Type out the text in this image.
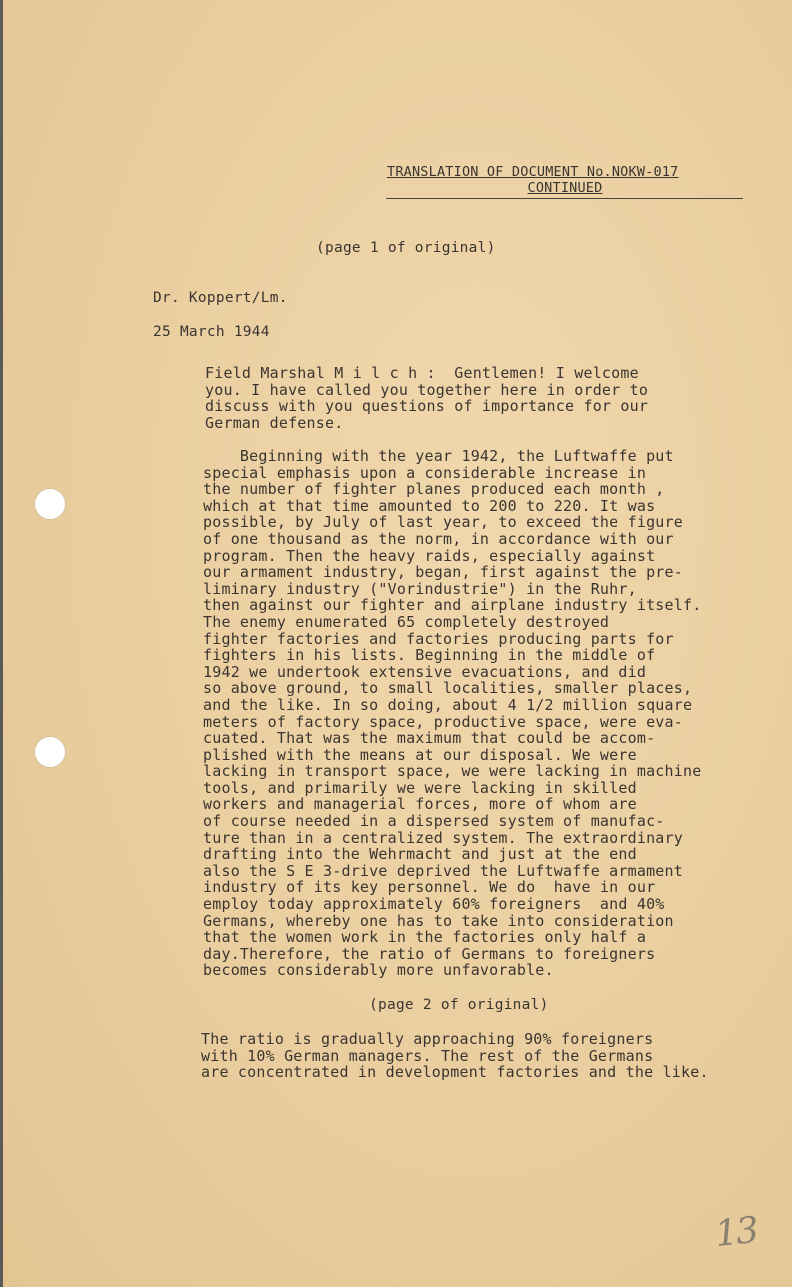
TRANSLATION OF DOCUMENT No.NOKW-017
CONTINUED
(page 1 of original)
Dr. Koppert/Lm.
25 March 1944
Field Marshal M i l c h :  Gentlemen! I welcome
you. I have called you together here in order to
discuss with you questions of importance for our
German defense.
Beginning with the year 1942, the Luftwaffe put
special emphasis upon a considerable increase in
the number of fighter planes produced each month ,
which at that time amounted to 200 to 220. It was
possible, by July of last year, to exceed the figure
of one thousand as the norm, in accordance with our
program. Then the heavy raids, especially against
our armament industry, began, first against the pre-
liminary industry ("Vorindustrie") in the Ruhr,
then against our fighter and airplane industry itself.
The enemy enumerated 65 completely destroyed
fighter factories and factories producing parts for
fighters in his lists. Beginning in the middle of
1942 we undertook extensive evacuations, and did
so above ground, to small localities, smaller places,
and the like. In so doing, about 4 1/2 million square
meters of factory space, productive space, were eva-
cuated. That was the maximum that could be accom-
plished with the means at our disposal. We were
lacking in transport space, we were lacking in machine
tools, and primarily we were lacking in skilled
workers and managerial forces, more of whom are
of course needed in a dispersed system of manufac-
ture than in a centralized system. The extraordinary
drafting into the Wehrmacht and just at the end
also the S E 3-drive deprived the Luftwaffe armament
industry of its key personnel. We do  have in our
employ today approximately 60% foreigners  and 40%
Germans, whereby one has to take into consideration
that the women work in the factories only half a
day.Therefore, the ratio of Germans to foreigners
becomes considerably more unfavorable.
(page 2 of original)
The ratio is gradually approaching 90% foreigners
with 10% German managers. The rest of the Germans
are concentrated in development factories and the like.
13
